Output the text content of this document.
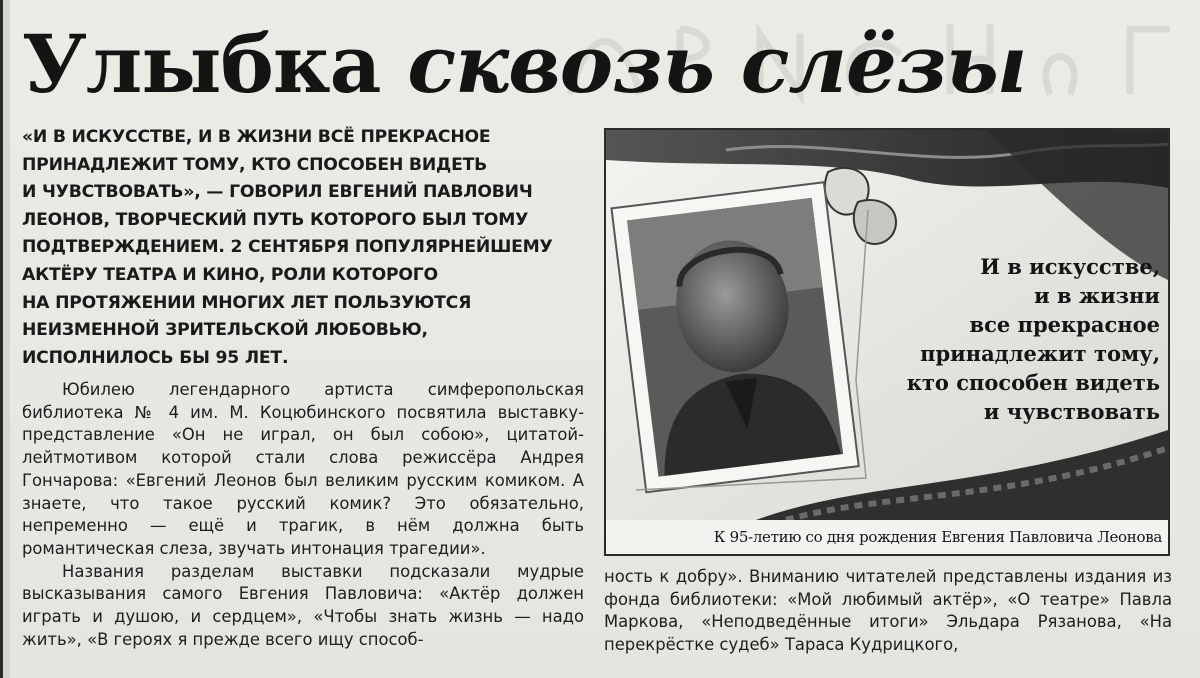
Улыбка сквозь слёзы
«И В ИСКУССТВЕ, И В ЖИЗНИ ВСЁ ПРЕКРАСНОЕ
ПРИНАДЛЕЖИТ ТОМУ, КТО СПОСОБЕН ВИДЕТЬ
И ЧУВСТВОВАТЬ», — ГОВОРИЛ ЕВГЕНИЙ ПАВЛОВИЧ
ЛЕОНОВ, ТВОРЧЕСКИЙ ПУТЬ КОТОРОГО БЫЛ ТОМУ
ПОДТВЕРЖДЕНИЕМ. 2 СЕНТЯБРЯ ПОПУЛЯРНЕЙШЕМУ
АКТЁРУ ТЕАТРА И КИНО, РОЛИ КОТОРОГО
НА ПРОТЯЖЕНИИ МНОГИХ ЛЕТ ПОЛЬЗУЮТСЯ
НЕИЗМЕННОЙ ЗРИТЕЛЬСКОЙ ЛЮБОВЬЮ,
ИСПОЛНИЛОСЬ БЫ 95 ЛЕТ.

Юбилею легендарного артиста симферопольская библиотека № 4 им. М. Коцюбинского посвятила выставку-представление «Он не играл, он был собою», цитатой-лейтмотивом которой стали слова режиссёра Андрея Гончарова: «Евгений Леонов был великим русским комиком. А знаете, что такое русский комик? Это обязательно, непременно — ещё и трагик, в нём должна быть романтическая слеза, звучать интонация трагедии».

Названия разделам выставки подсказали мудрые высказывания самого Евгения Павловича: «Актёр должен играть и душою, и сердцем», «Чтобы знать жизнь — надо жить», «В героях я прежде всего ищу способ-

И в искусстве,
и в жизни
все прекрасное
принадлежит тому,
кто способен видеть
и чувствовать
К 95-летию со дня рождения Евгения Павловича Леонова

ность к добру». Вниманию читателей представлены издания из фонда библиотеки: «Мой любимый актёр», «О театре» Павла Маркова, «Неподведённые итоги» Эльдара Рязанова, «На перекрёстке судеб» Тараса Кудрицкого,
